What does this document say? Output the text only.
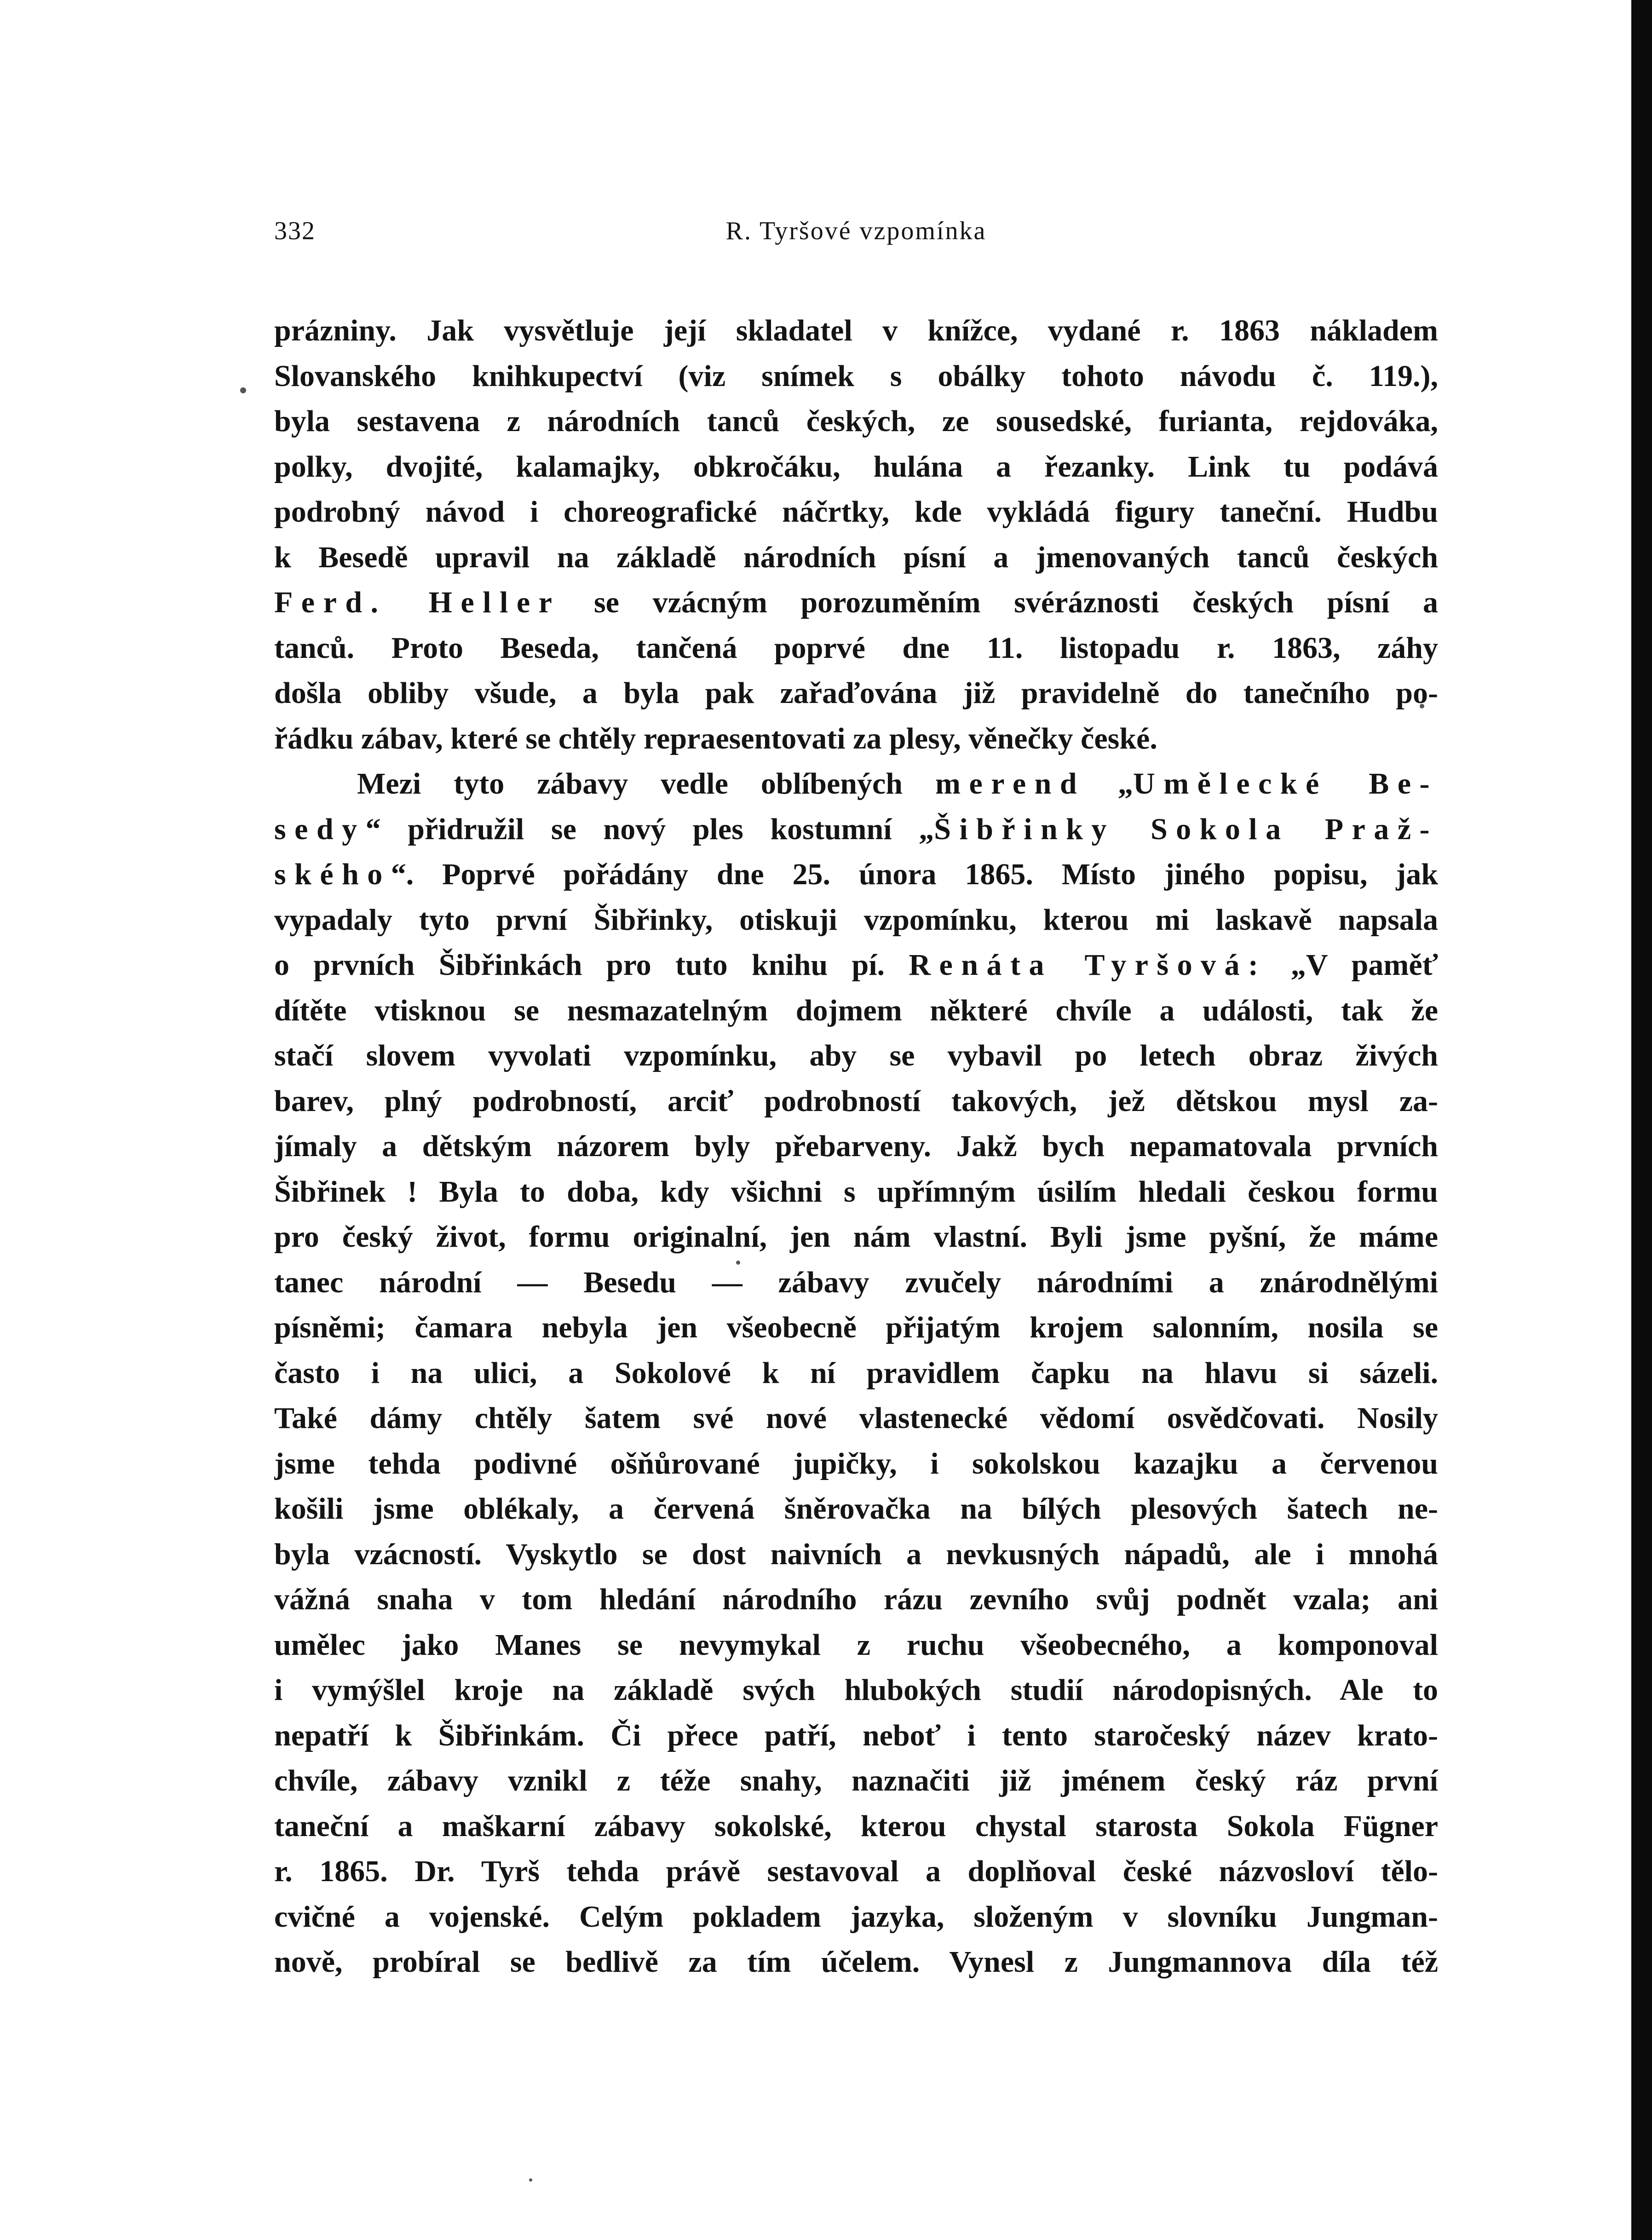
332	R. Tyršové vzpomínka
prázniny. Jak vysvětluje její skladatel v knížce, vydané r. 1863 nákladem
Slovanského knihkupectví (viz snímek s obálky tohoto návodu č. 119.),
byla sestavena z národních tanců českých, ze sousedské, furianta, rejdováka,
polky, dvojité, kalamajky, obkročáku, hulána a řezanky. Link tu podává
podrobný návod i choreografické náčrtky, kde vykládá figury taneční. Hudbu
k Besedě upravil na základě národních písní a jmenovaných tanců českých
Ferd. Heller se vzácným porozuměním svéráznosti českých písní a
tanců. Proto Beseda, tančená poprvé dne 11. listopadu r. 1863, záhy
došla obliby všude, a byla pak zařaďována již pravidelně do tanečního po-
řádku zábav, které se chtěly repraesentovati za plesy, věnečky české.
Mezi tyto zábavy vedle oblíbených merend „Umělecké Be-
sedy“ přidružil se nový ples kostumní „Šibřinky Sokola Praž-
ského“. Poprvé pořádány dne 25. února 1865. Místo jiného popisu, jak
vypadaly tyto první Šibřinky, otiskuji vzpomínku, kterou mi laskavě napsala
o prvních Šibřinkách pro tuto knihu pí. Renáta Tyršová: „V paměť
dítěte vtisknou se nesmazatelným dojmem některé chvíle a události, tak že
stačí slovem vyvolati vzpomínku, aby se vybavil po letech obraz živých
barev, plný podrobností, arciť podrobností takových, jež dětskou mysl za-
jímaly a dětským názorem byly přebarveny. Jakž bych nepamatovala prvních
Šibřinek ! Byla to doba, kdy všichni s upřímným úsilím hledali českou formu
pro český život, formu originalní, jen nám vlastní. Byli jsme pyšní, že máme
tanec národní — Besedu — zábavy zvučely národními a znárodnělými
písněmi; čamara nebyla jen všeobecně přijatým krojem salonním, nosila se
často i na ulici, a Sokolové k ní pravidlem čapku na hlavu si sázeli.
Také dámy chtěly šatem své nové vlastenecké vědomí osvědčovati. Nosily
jsme tehda podivné ošňůrované jupičky, i sokolskou kazajku a červenou
košili jsme oblékaly, a červená šněrovačka na bílých plesových šatech ne-
byla vzácností. Vyskytlo se dost naivních a nevkusných nápadů, ale i mnohá
vážná snaha v tom hledání národního rázu zevního svůj podnět vzala; ani
umělec jako Manes se nevymykal z ruchu všeobecného, a komponoval
i vymýšlel kroje na základě svých hlubokých studií národopisných. Ale to
nepatří k Šibřinkám. Či přece patří, neboť i tento staročeský název krato-
chvíle, zábavy vznikl z téže snahy, naznačiti již jménem český ráz první
taneční a maškarní zábavy sokolské, kterou chystal starosta Sokola Fügner
r. 1865. Dr. Tyrš tehda právě sestavoval a doplňoval české názvosloví tělo-
cvičné a vojenské. Celým pokladem jazyka, složeným v slovníku Jungman-
nově, probíral se bedlivě za tím účelem. Vynesl z Jungmannova díla též
